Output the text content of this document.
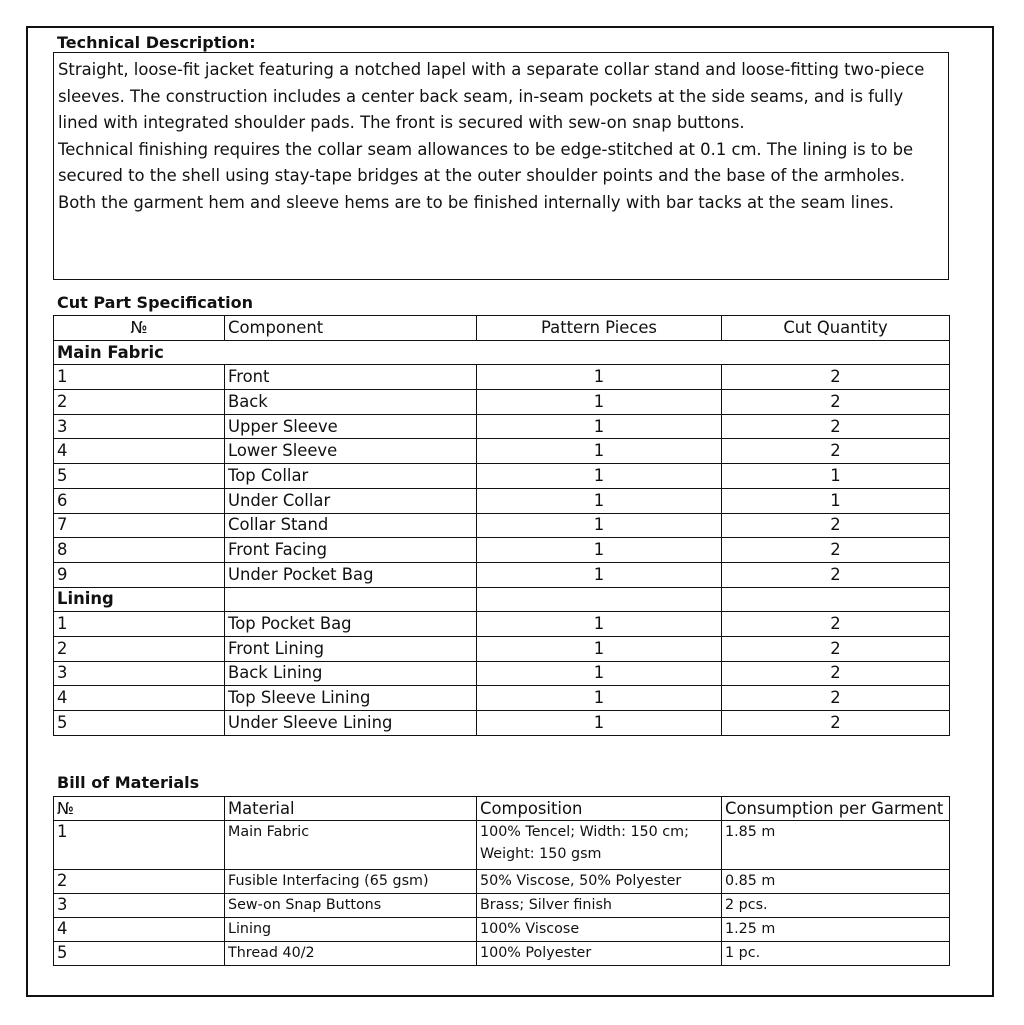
Technical Description:

Straight, loose-fit jacket featuring a notched lapel with a separate collar stand and loose-fitting two-piece sleeves. The construction includes a center back seam, in-seam pockets at the side seams, and is fully lined with integrated shoulder pads. The front is secured with sew-on snap buttons.

Technical finishing requires the collar seam allowances to be edge-stitched at 0.1 cm. The lining is to be secured to the shell using stay-tape bridges at the outer shoulder points and the base of the armholes. Both the garment hem and sleeve hems are to be finished internally with bar tacks at the seam lines.

Cut Part Specification
№	Component	Pattern Pieces	Cut Quantity
Main Fabric			
1	Front	1	2
2	Back	1	2
3	Upper Sleeve	1	2
4	Lower Sleeve	1	2
5	Top Collar	1	1
6	Under Collar	1	1
7	Collar Stand	1	2
8	Front Facing	1	2
9	Under Pocket Bag	1	2
Lining			
1	Top Pocket Bag	1	2
2	Front Lining	1	2
3	Back Lining	1	2
4	Top Sleeve Lining	1	2
5	Under Sleeve Lining	1	2
Bill of Materials
№	Material	Composition	Consumption per Garment
1	Main Fabric	100% Tencel; Width: 150 cm;
Weight: 150 gsm	1.85 m
2	Fusible Interfacing (65 gsm)	50% Viscose, 50% Polyester	0.85 m
3	Sew-on Snap Buttons	Brass; Silver finish	2 pcs.
4	Lining	100% Viscose	1.25 m
5	Thread 40/2	100% Polyester	1 pc.
